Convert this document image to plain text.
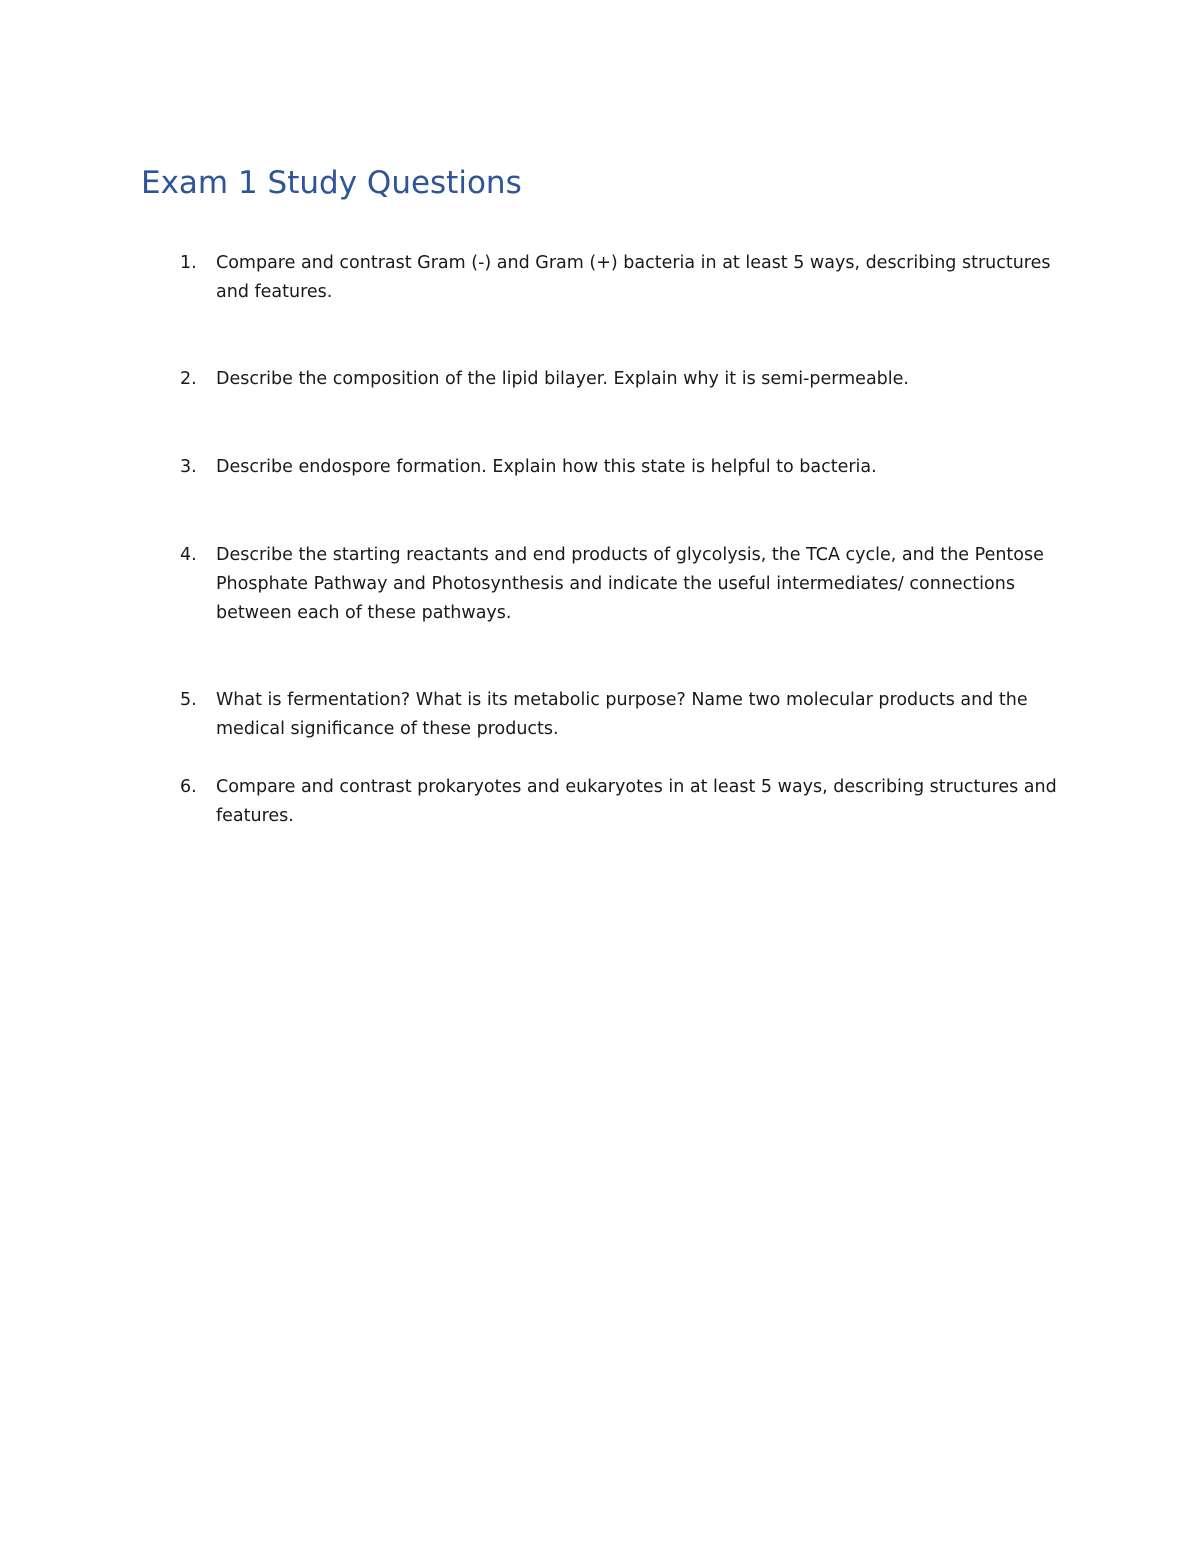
Exam 1 Study Questions
1. Compare and contrast Gram (-) and Gram (+) bacteria in at least 5 ways, describing structures and features.

2. Describe the composition of the lipid bilayer. Explain why it is semi-permeable.

3. Describe endospore formation. Explain how this state is helpful to bacteria.

4. Describe the starting reactants and end products of glycolysis, the TCA cycle, and the Pentose Phosphate Pathway and Photosynthesis and indicate the useful intermediates/ connections between each of these pathways.

5. What is fermentation? What is its metabolic purpose? Name two molecular products and the medical significance of these products.

6. Compare and contrast prokaryotes and eukaryotes in at least 5 ways, describing structures and features.
